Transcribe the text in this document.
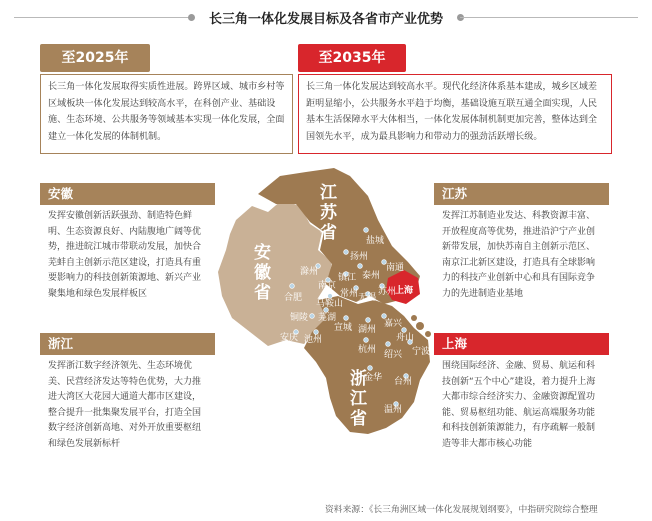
长三角一体化发展目标及各省市产业优势
至2025年
长三角一体化发展取得实质性进展。跨界区域、城市乡村等区域板块一体化发展达到较高水平，在科创产业、基础设施、生态环境、公共服务等领域基本实现一体化发展，全面建立一体化发展的体制机制。
至2035年
长三角一体化发展达到较高水平。现代化经济体系基本建成，城乡区域差距明显缩小，公共服务水平趋于均衡，基础设施互联互通全面实现，人民基本生活保障水平大体相当，一体化发展体制机制更加完善，整体达到全国领先水平，成为最具影响力和带动力的强劲活跃增长级。
江
苏
省
安
徽
省
浙
江
省
上海
盐城
扬州
滁州	泰州
南通
南京
镇江
常州 无锡
苏州
合肥
马鞍山
芜湖
铜陵
安庆 池州
宣城 湖州
嘉兴
杭州 绍兴 宁波
舟山
金华 台州
温州
安徽
发挥安徽创新活跃强劲、制造特色鲜明、生态资源良好、内陆腹地广阔等优势，推进皖江城市带联动发展，加快合芜蚌自主创新示范区建设，打造具有重要影响力的科技创新策源地、新兴产业聚集地和绿色发展样板区
浙江
发挥浙江数字经济领先、生态环境优美、民营经济发达等特色优势，大力推进大湾区大花园大通道大都市区建设，整合提升一批集聚发展平台，打造全国数字经济创新高地、对外开放重要枢纽和绿色发展新标杆
江苏
发挥江苏制造业发达、科教资源丰富、开放程度高等优势，推进沿沪宁产业创新带发展，加快苏南自主创新示范区、南京江北新区建设，打造具有全球影响力的科技产业创新中心和具有国际竞争力的先进制造业基地
上海
围绕国际经济、金融、贸易、航运和科技创新“五个中心”建设，着力提升上海大都市综合经济实力、金融资源配置功能、贸易枢纽功能、航运高端服务功能和科技创新策源能力，有序疏解一般制造等非大都市核心功能
资料来源：《长三角洲区域一体化发展规划纲要》，中指研究院综合整理
